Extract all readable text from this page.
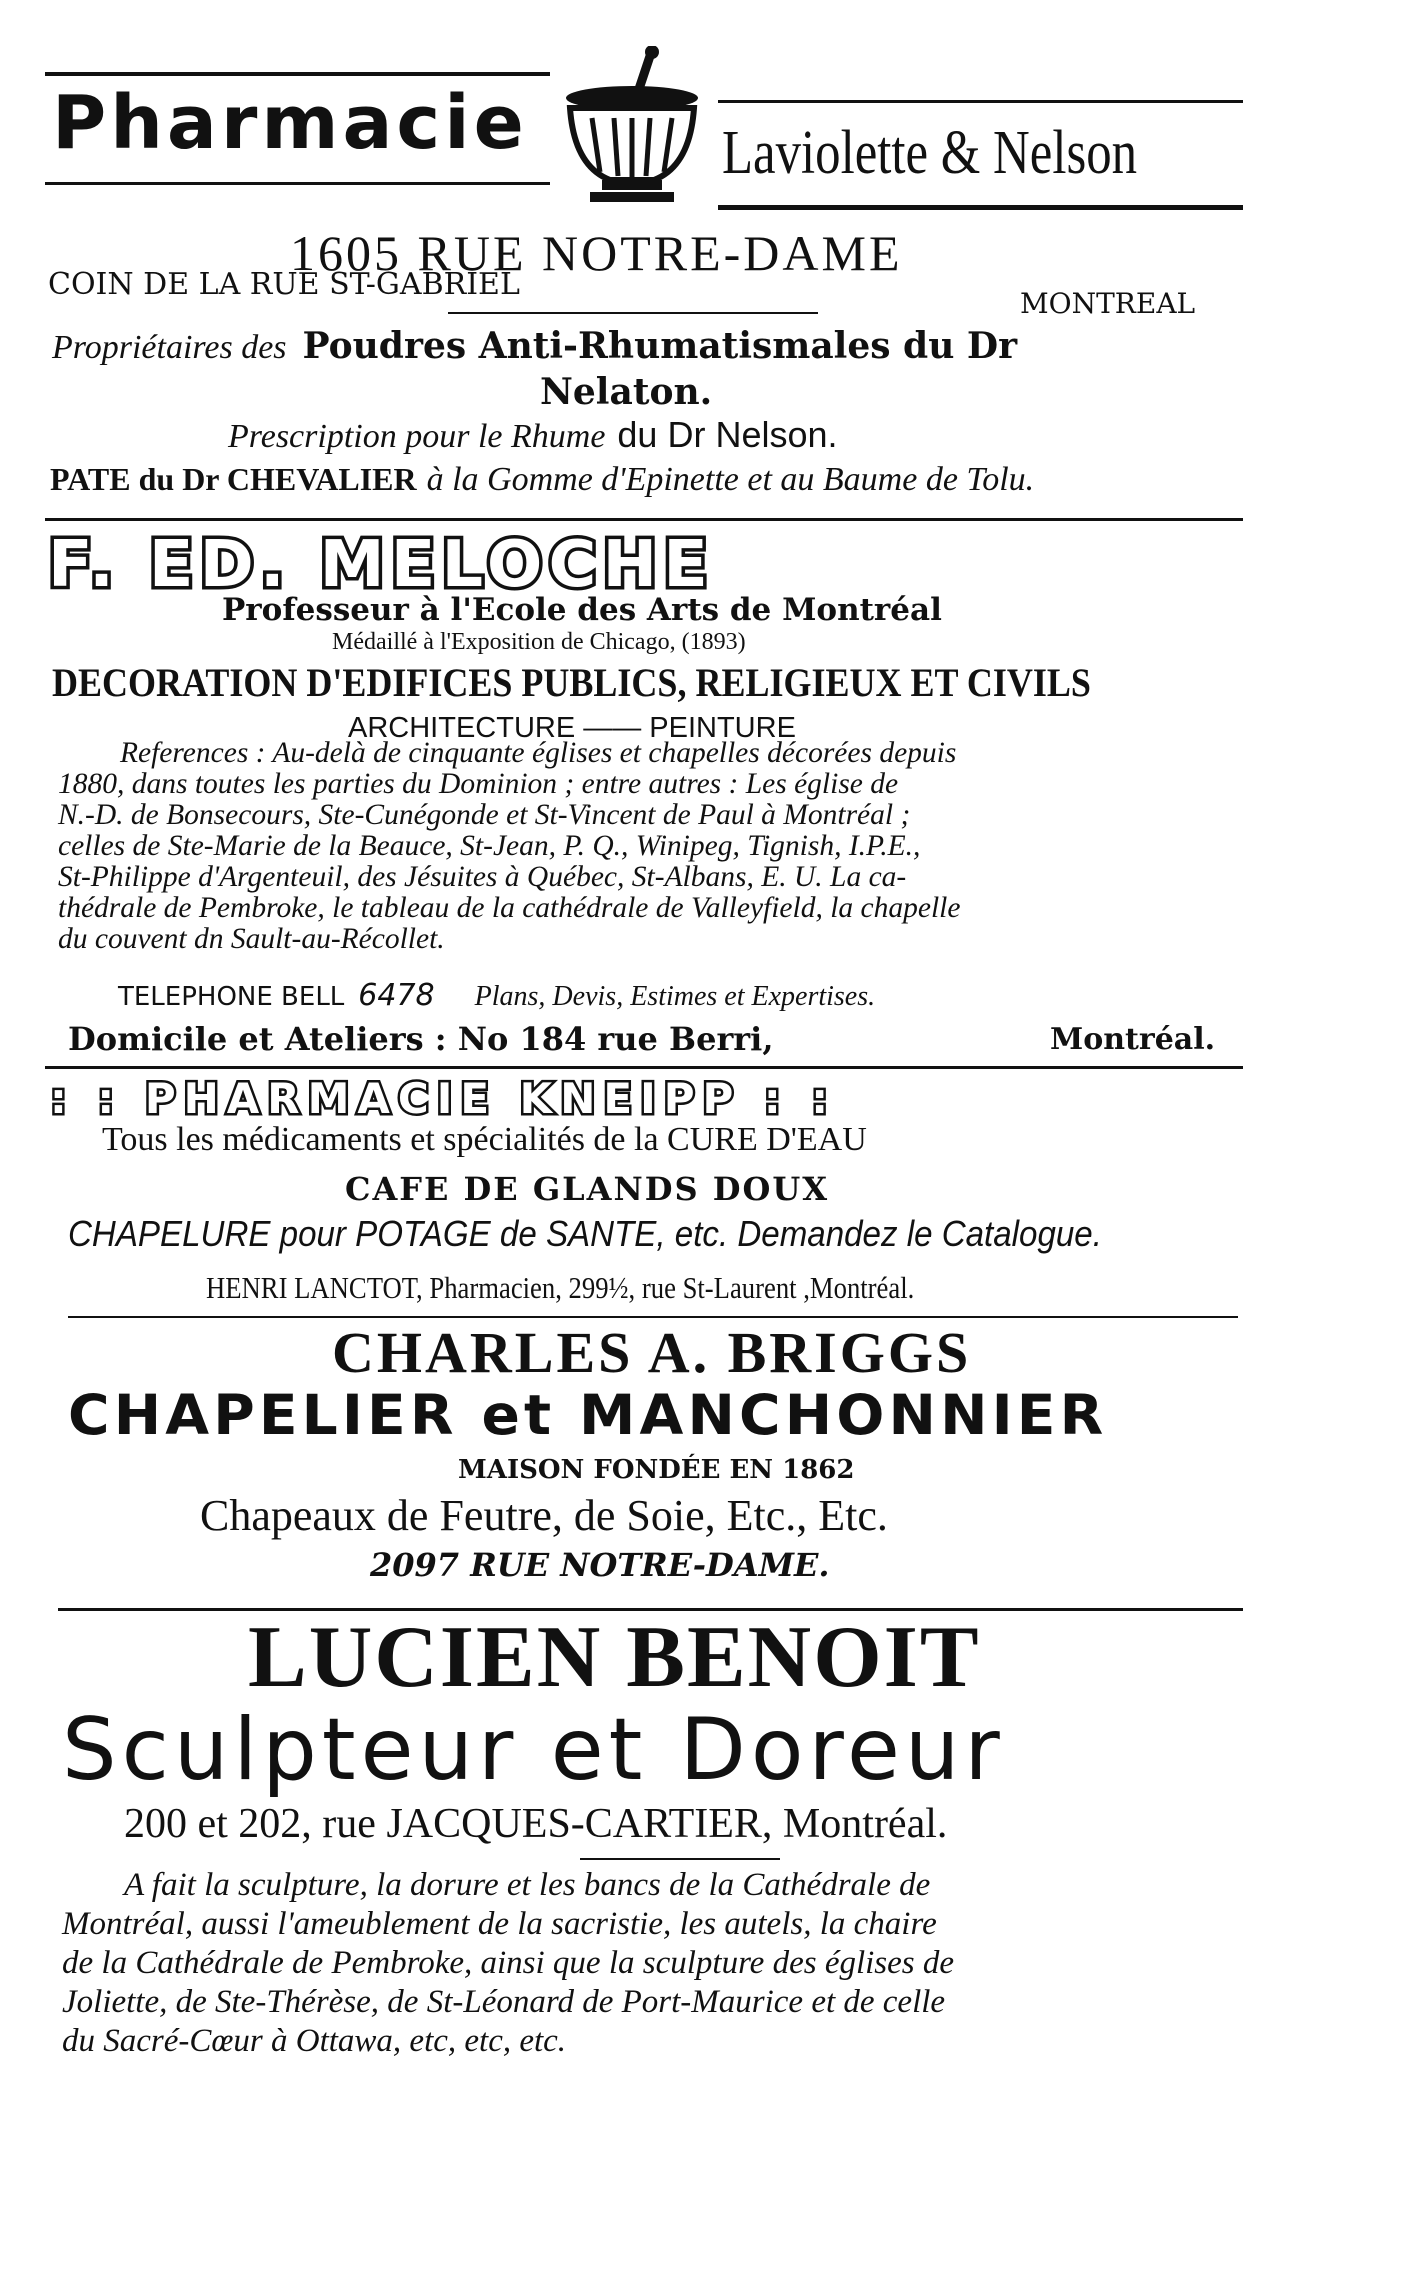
Pharmacie	Laviolette & Nelson
1605 RUE NOTRE-DAME
COIN DE LA RUE ST-GABRIEL
MONTREAL
Propriétaires des Poudres Anti-Rhumatismales du Dr
Nelaton.
Prescription pour le Rhume du Dr Nelson.
PATE du Dr CHEVALIER à la Gomme d'Epinette et au Baume de Tolu.
F. ED. MELOCHE
Professeur à l'Ecole des Arts de Montréal
Médaillé à l'Exposition de Chicago, (1893)
DECORATION D'EDIFICES PUBLICS, RELIGIEUX ET CIVILS
ARCHITECTURE —— PEINTURE
References : Au-delà de cinquante églises et chapelles décorées depuis
1880, dans toutes les parties du Dominion ; entre autres : Les église de
N.-D. de Bonsecours, Ste-Cunégonde et St-Vincent de Paul à Montréal ;
celles de Ste-Marie de la Beauce, St-Jean, P. Q., Winipeg, Tignish, I.P.E.,
St-Philippe d'Argenteuil, des Jésuites à Québec, St-Albans, E. U. La ca-
thédrale de Pembroke, le tableau de la cathédrale de Valleyfield, la chapelle
du couvent dn Sault-au-Récollet.
TELEPHONE BELL 6478 Plans, Devis, Estimes et Expertises.
Domicile et Ateliers : No 184 rue Berri,	Montréal.
: : PHARMACIE KNEIPP : :
Tous les médicaments et spécialités de la CURE D'EAU
CAFE DE GLANDS DOUX
CHAPELURE pour POTAGE de SANTE, etc. Demandez le Catalogue.
HENRI LANCTOT, Pharmacien, 299½, rue St-Laurent ,Montréal.
CHARLES A. BRIGGS
CHAPELIER et MANCHONNIER
MAISON FONDÉE EN 1862
Chapeaux de Feutre, de Soie, Etc., Etc.
2097 RUE NOTRE-DAME.
LUCIEN BENOIT
Sculpteur et Doreur
200 et 202, rue JACQUES-CARTIER, Montréal.
A fait la sculpture, la dorure et les bancs de la Cathédrale de
Montréal, aussi l'ameublement de la sacristie, les autels, la chaire
de la Cathédrale de Pembroke, ainsi que la sculpture des églises de
Joliette, de Ste-Thérèse, de St-Léonard de Port-Maurice et de celle
du Sacré-Cœur à Ottawa, etc, etc, etc.
